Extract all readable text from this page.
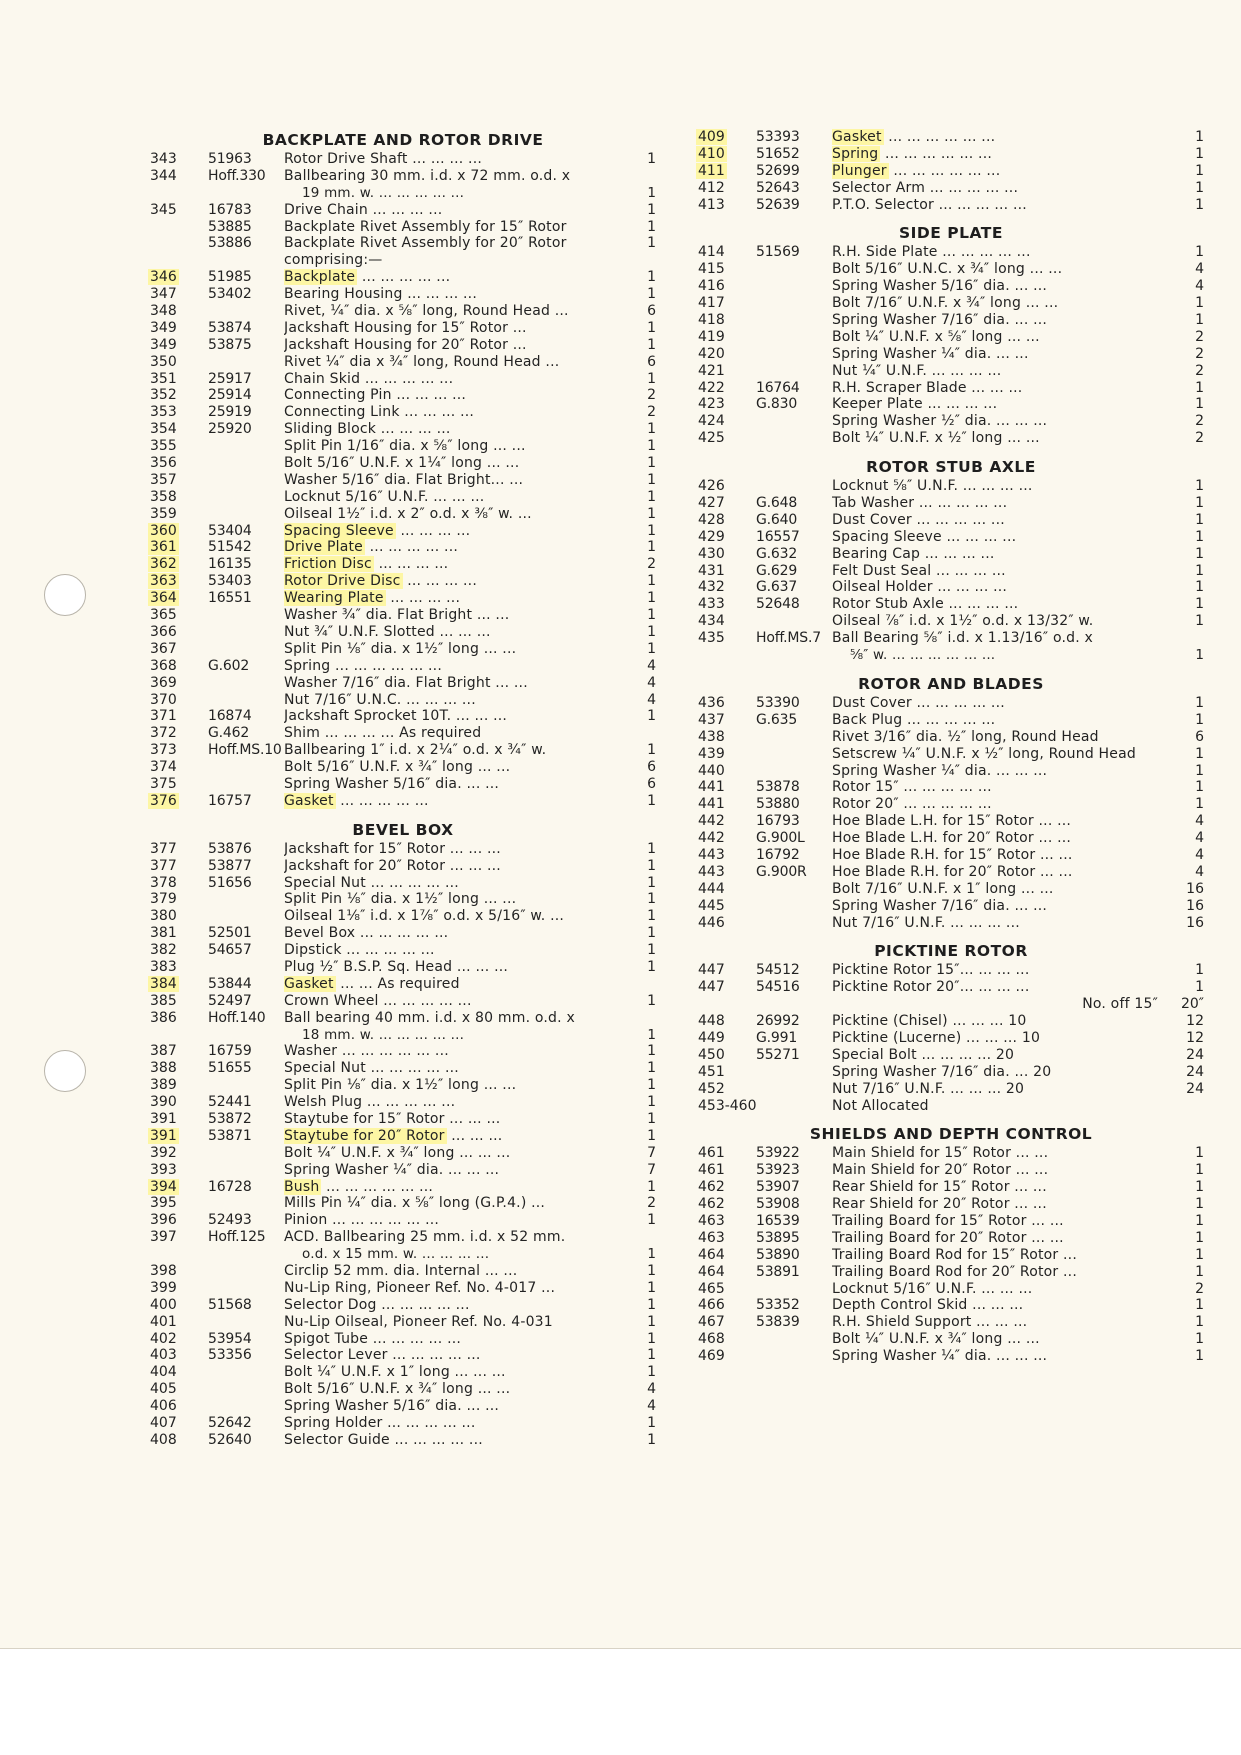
BACKPLATE AND ROTOR DRIVE
343	51963	Rotor Drive Shaft ... ... ... ...	1
344	Hoff.330	Ballbearing 30 mm. i.d. x 72 mm. o.d. x
19 mm. w. ... ... ... ... ...	1
345	16783	Drive Chain ... ... ... ...	1
53885	Backplate Rivet Assembly for 15″ Rotor	1
53886	Backplate Rivet Assembly for 20″ Rotor	1
comprising:—
346	51985	Backplate ... ... ... ... ...	1
347	53402	Bearing Housing ... ... ... ...	1
348	Rivet, ¼″ dia. x ⅝″ long, Round Head ...	6
349	53874	Jackshaft Housing for 15″ Rotor ...	1
349	53875	Jackshaft Housing for 20″ Rotor ...	1
350	Rivet ¼″ dia x ¾″ long, Round Head ...	6
351	25917	Chain Skid ... ... ... ... ...	1
352	25914	Connecting Pin ... ... ... ...	2
353	25919	Connecting Link ... ... ... ...	2
354	25920	Sliding Block ... ... ... ...	1
355	Split Pin 1/16″ dia. x ⅝″ long ... ...	1
356	Bolt 5/16″ U.N.F. x 1¼″ long ... ...	1
357	Washer 5/16″ dia. Flat Bright... ...	1
358	Locknut 5/16″ U.N.F. ... ... ...	1
359	Oilseal 1½″ i.d. x 2″ o.d. x ⅜″ w. ...	1
360	53404	Spacing Sleeve ... ... ... ...	1
361	51542	Drive Plate ... ... ... ... ...	1
362	16135	Friction Disc ... ... ... ...	2
363	53403	Rotor Drive Disc ... ... ... ...	1
364	16551	Wearing Plate ... ... ... ...	1
365	Washer ¾″ dia. Flat Bright ... ...	1
366	Nut ¾″ U.N.F. Slotted ... ... ...	1
367	Split Pin ⅛″ dia. x 1½″ long ... ...	1
368	G.602	Spring ... ... ... ... ... ...	4
369	Washer 7/16″ dia. Flat Bright ... ...	4
370	Nut 7/16″ U.N.C. ... ... ... ...	4
371	16874	Jackshaft Sprocket 10T. ... ... ...	1
372	G.462	Shim ... ... ... ... As required
373	Hoff.MS.10 Ballbearing 1″ i.d. x 2¼″ o.d. x ¾″ w.	1
374	Bolt 5/16″ U.N.F. x ¾″ long ... ...	6
375	Spring Washer 5/16″ dia. ... ...	6
376	16757	Gasket ... ... ... ... ...	1
BEVEL BOX
377	53876	Jackshaft for 15″ Rotor ... ... ...	1
377	53877	Jackshaft for 20″ Rotor ... ... ...	1
378	51656	Special Nut ... ... ... ... ...	1
379	Split Pin ⅛″ dia. x 1½″ long ... ...	1
380	Oilseal 1⅛″ i.d. x 1⅞″ o.d. x 5/16″ w. ...	1
381	52501	Bevel Box ... ... ... ... ...	1
382	54657	Dipstick ... ... ... ... ...	1
383	Plug ½″ B.S.P. Sq. Head ... ... ...	1
384	53844	Gasket ... ... As required
385	52497	Crown Wheel ... ... ... ... ...	1
386	Hoff.140	Ball bearing 40 mm. i.d. x 80 mm. o.d. x
18 mm. w. ... ... ... ... ...	1
387	16759	Washer ... ... ... ... ... ...	1
388	51655	Special Nut ... ... ... ... ...	1
389	Split Pin ⅛″ dia. x 1½″ long ... ...	1
390	52441	Welsh Plug ... ... ... ... ...	1
391	53872	Staytube for 15″ Rotor ... ... ...	1
391	53871	Staytube for 20″ Rotor ... ... ...	1
392	Bolt ¼″ U.N.F. x ¾″ long ... ... ...	7
393	Spring Washer ¼″ dia. ... ... ...	7
394	16728	Bush ... ... ... ... ... ...	1
395	Mills Pin ¼″ dia. x ⅝″ long (G.P.4.) ...	2
396	52493	Pinion ... ... ... ... ... ...	1
397	Hoff.125	ACD. Ballbearing 25 mm. i.d. x 52 mm.
o.d. x 15 mm. w. ... ... ... ...	1
398	Circlip 52 mm. dia. Internal ... ...	1
399	Nu-Lip Ring, Pioneer Ref. No. 4-017 ...	1
400	51568	Selector Dog ... ... ... ... ...	1
401	Nu-Lip Oilseal, Pioneer Ref. No. 4-031	1
402	53954	Spigot Tube ... ... ... ... ...	1
403	53356	Selector Lever ... ... ... ... ...	1
404	Bolt ¼″ U.N.F. x 1″ long ... ... ...	1
405	Bolt 5/16″ U.N.F. x ¾″ long ... ...	4
406	Spring Washer 5/16″ dia. ... ...	4
407	52642	Spring Holder ... ... ... ... ...	1
408	52640	Selector Guide ... ... ... ... ...	1
409	53393	Gasket ... ... ... ... ... ...	1
410	51652	Spring ... ... ... ... ... ...	1
411	52699	Plunger ... ... ... ... ... ...	1
412	52643	Selector Arm ... ... ... ... ...	1
413	52639	P.T.O. Selector ... ... ... ... ...	1
SIDE PLATE
414	51569	R.H. Side Plate ... ... ... ... ...	1
415	Bolt 5/16″ U.N.C. x ¾″ long ... ...	4
416	Spring Washer 5/16″ dia. ... ...	4
417	Bolt 7/16″ U.N.F. x ¾″ long ... ...	1
418	Spring Washer 7/16″ dia. ... ...	1
419	Bolt ¼″ U.N.F. x ⅝″ long ... ...	2
420	Spring Washer ¼″ dia. ... ...	2
421	Nut ¼″ U.N.F. ... ... ... ...	2
422	16764	R.H. Scraper Blade ... ... ...	1
423	G.830	Keeper Plate ... ... ... ...	1
424	Spring Washer ½″ dia. ... ... ...	2
425	Bolt ¼″ U.N.F. x ½″ long ... ...	2
ROTOR STUB AXLE
426	Locknut ⅝″ U.N.F. ... ... ... ...	1
427	G.648	Tab Washer ... ... ... ... ...	1
428	G.640	Dust Cover ... ... ... ... ...	1
429	16557	Spacing Sleeve ... ... ... ...	1
430	G.632	Bearing Cap ... ... ... ...	1
431	G.629	Felt Dust Seal ... ... ... ...	1
432	G.637	Oilseal Holder ... ... ... ...	1
433	52648	Rotor Stub Axle ... ... ... ...	1
434	Oilseal ⅞″ i.d. x 1½″ o.d. x 13/32″ w.	1
435	Hoff.MS.7 Ball Bearing ⅝″ i.d. x 1.13/16″ o.d. x
⅝″ w. ... ... ... ... ... ...	1
ROTOR AND BLADES
436	53390	Dust Cover ... ... ... ... ...	1
437	G.635	Back Plug ... ... ... ... ...	1
438	Rivet 3/16″ dia. ½″ long, Round Head	6
439	Setscrew ¼″ U.N.F. x ½″ long, Round Head	1
440	Spring Washer ¼″ dia. ... ... ...	1
441	53878	Rotor 15″ ... ... ... ... ...	1
441	53880	Rotor 20″ ... ... ... ... ...	1
442	16793	Hoe Blade L.H. for 15″ Rotor ... ...	4
442	G.900L	Hoe Blade L.H. for 20″ Rotor ... ...	4
443	16792	Hoe Blade R.H. for 15″ Rotor ... ...	4
443	G.900R	Hoe Blade R.H. for 20″ Rotor ... ...	4
444	Bolt 7/16″ U.N.F. x 1″ long ... ...	16
445	Spring Washer 7/16″ dia. ... ...	16
446	Nut 7/16″ U.N.F. ... ... ... ...	16
PICKTINE ROTOR
447	54512	Picktine Rotor 15″... ... ... ...	1
447	54516	Picktine Rotor 20″... ... ... ...	1
No. off 15″	20″
448	26992	Picktine (Chisel) ... ... ... 10	12
449	G.991	Picktine (Lucerne) ... ... ... 10	12
450	55271	Special Bolt ... ... ... ... 20	24
451	Spring Washer 7/16″ dia. ... 20	24
452	Nut 7/16″ U.N.F. ... ... ... 20	24
453-460	Not Allocated
SHIELDS AND DEPTH CONTROL
461	53922	Main Shield for 15″ Rotor ... ...	1
461	53923	Main Shield for 20″ Rotor ... ...	1
462	53907	Rear Shield for 15″ Rotor ... ...	1
462	53908	Rear Shield for 20″ Rotor ... ...	1
463	16539	Trailing Board for 15″ Rotor ... ...	1
463	53895	Trailing Board for 20″ Rotor ... ...	1
464	53890	Trailing Board Rod for 15″ Rotor ...	1
464	53891	Trailing Board Rod for 20″ Rotor ...	1
465	Locknut 5/16″ U.N.F. ... ... ...	2
466	53352	Depth Control Skid ... ... ...	1
467	53839	R.H. Shield Support ... ... ...	1
468	Bolt ¼″ U.N.F. x ¾″ long ... ...	1
469	Spring Washer ¼″ dia. ... ... ...	1
